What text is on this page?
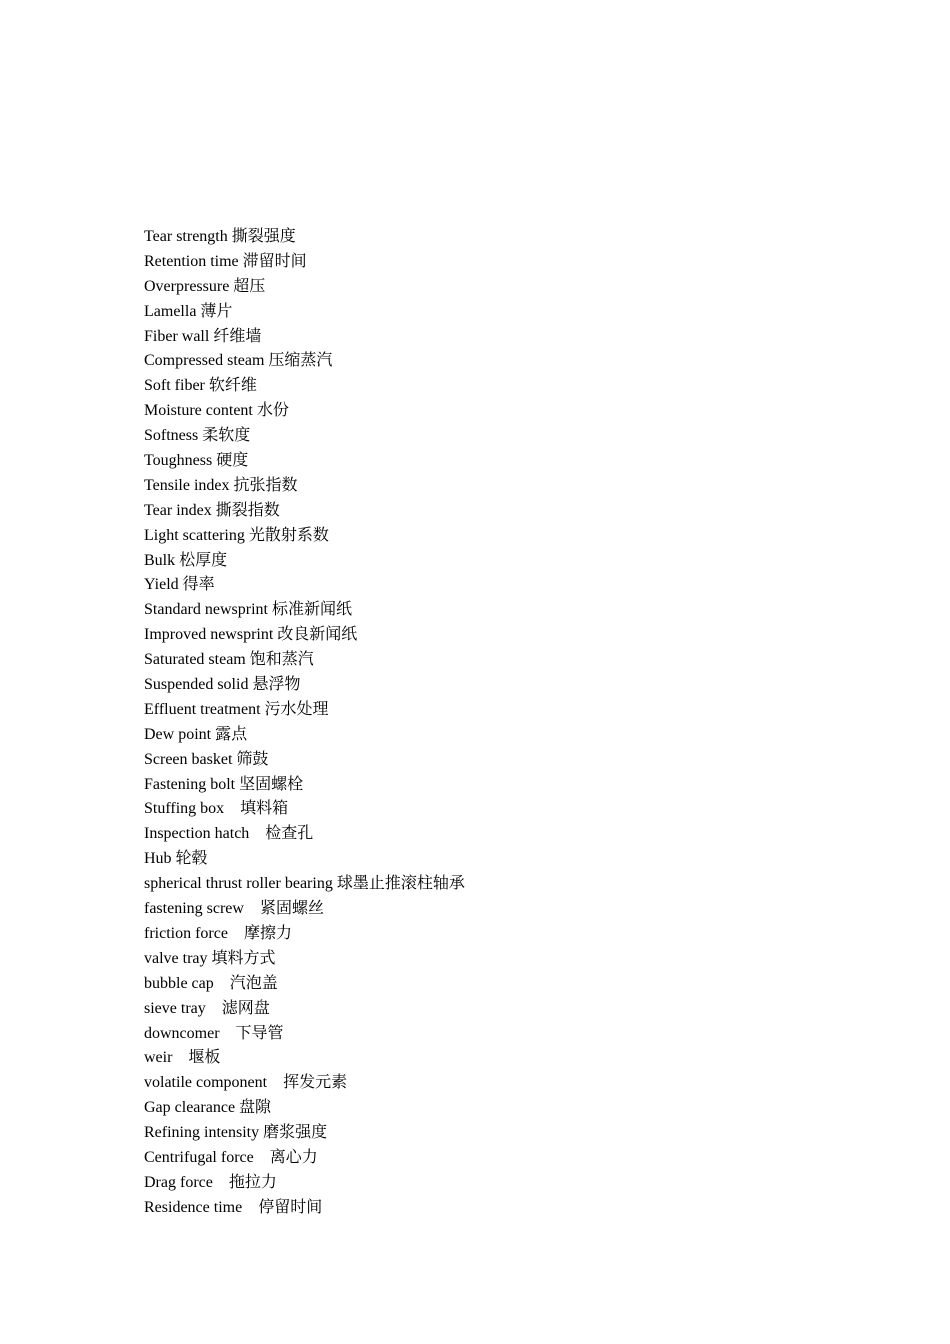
Tear strength 撕裂强度
Retention time 滞留时间
Overpressure 超压
Lamella 薄片
Fiber wall 纤维墙
Compressed steam 压缩蒸汽
Soft fiber 软纤维
Moisture content 水份
Softness 柔软度
Toughness 硬度
Tensile index 抗张指数
Tear index 撕裂指数
Light scattering 光散射系数
Bulk 松厚度
Yield 得率
Standard newsprint 标准新闻纸
Improved newsprint 改良新闻纸
Saturated steam 饱和蒸汽
Suspended solid 悬浮物
Effluent treatment 污水处理
Dew point 露点
Screen basket 筛鼓
Fastening bolt 坚固螺栓
Stuffing box　填料箱
Inspection hatch　检查孔
Hub 轮毂
spherical thrust roller bearing 球墨止推滚柱轴承
fastening screw　紧固螺丝
friction force　摩擦力
valve tray 填料方式
bubble cap　汽泡盖
sieve tray　滤网盘
downcomer　下导管
weir　堰板
volatile component　挥发元素
Gap clearance 盘隙
Refining intensity 磨浆强度
Centrifugal force　离心力
Drag force　拖拉力
Residence time　停留时间
